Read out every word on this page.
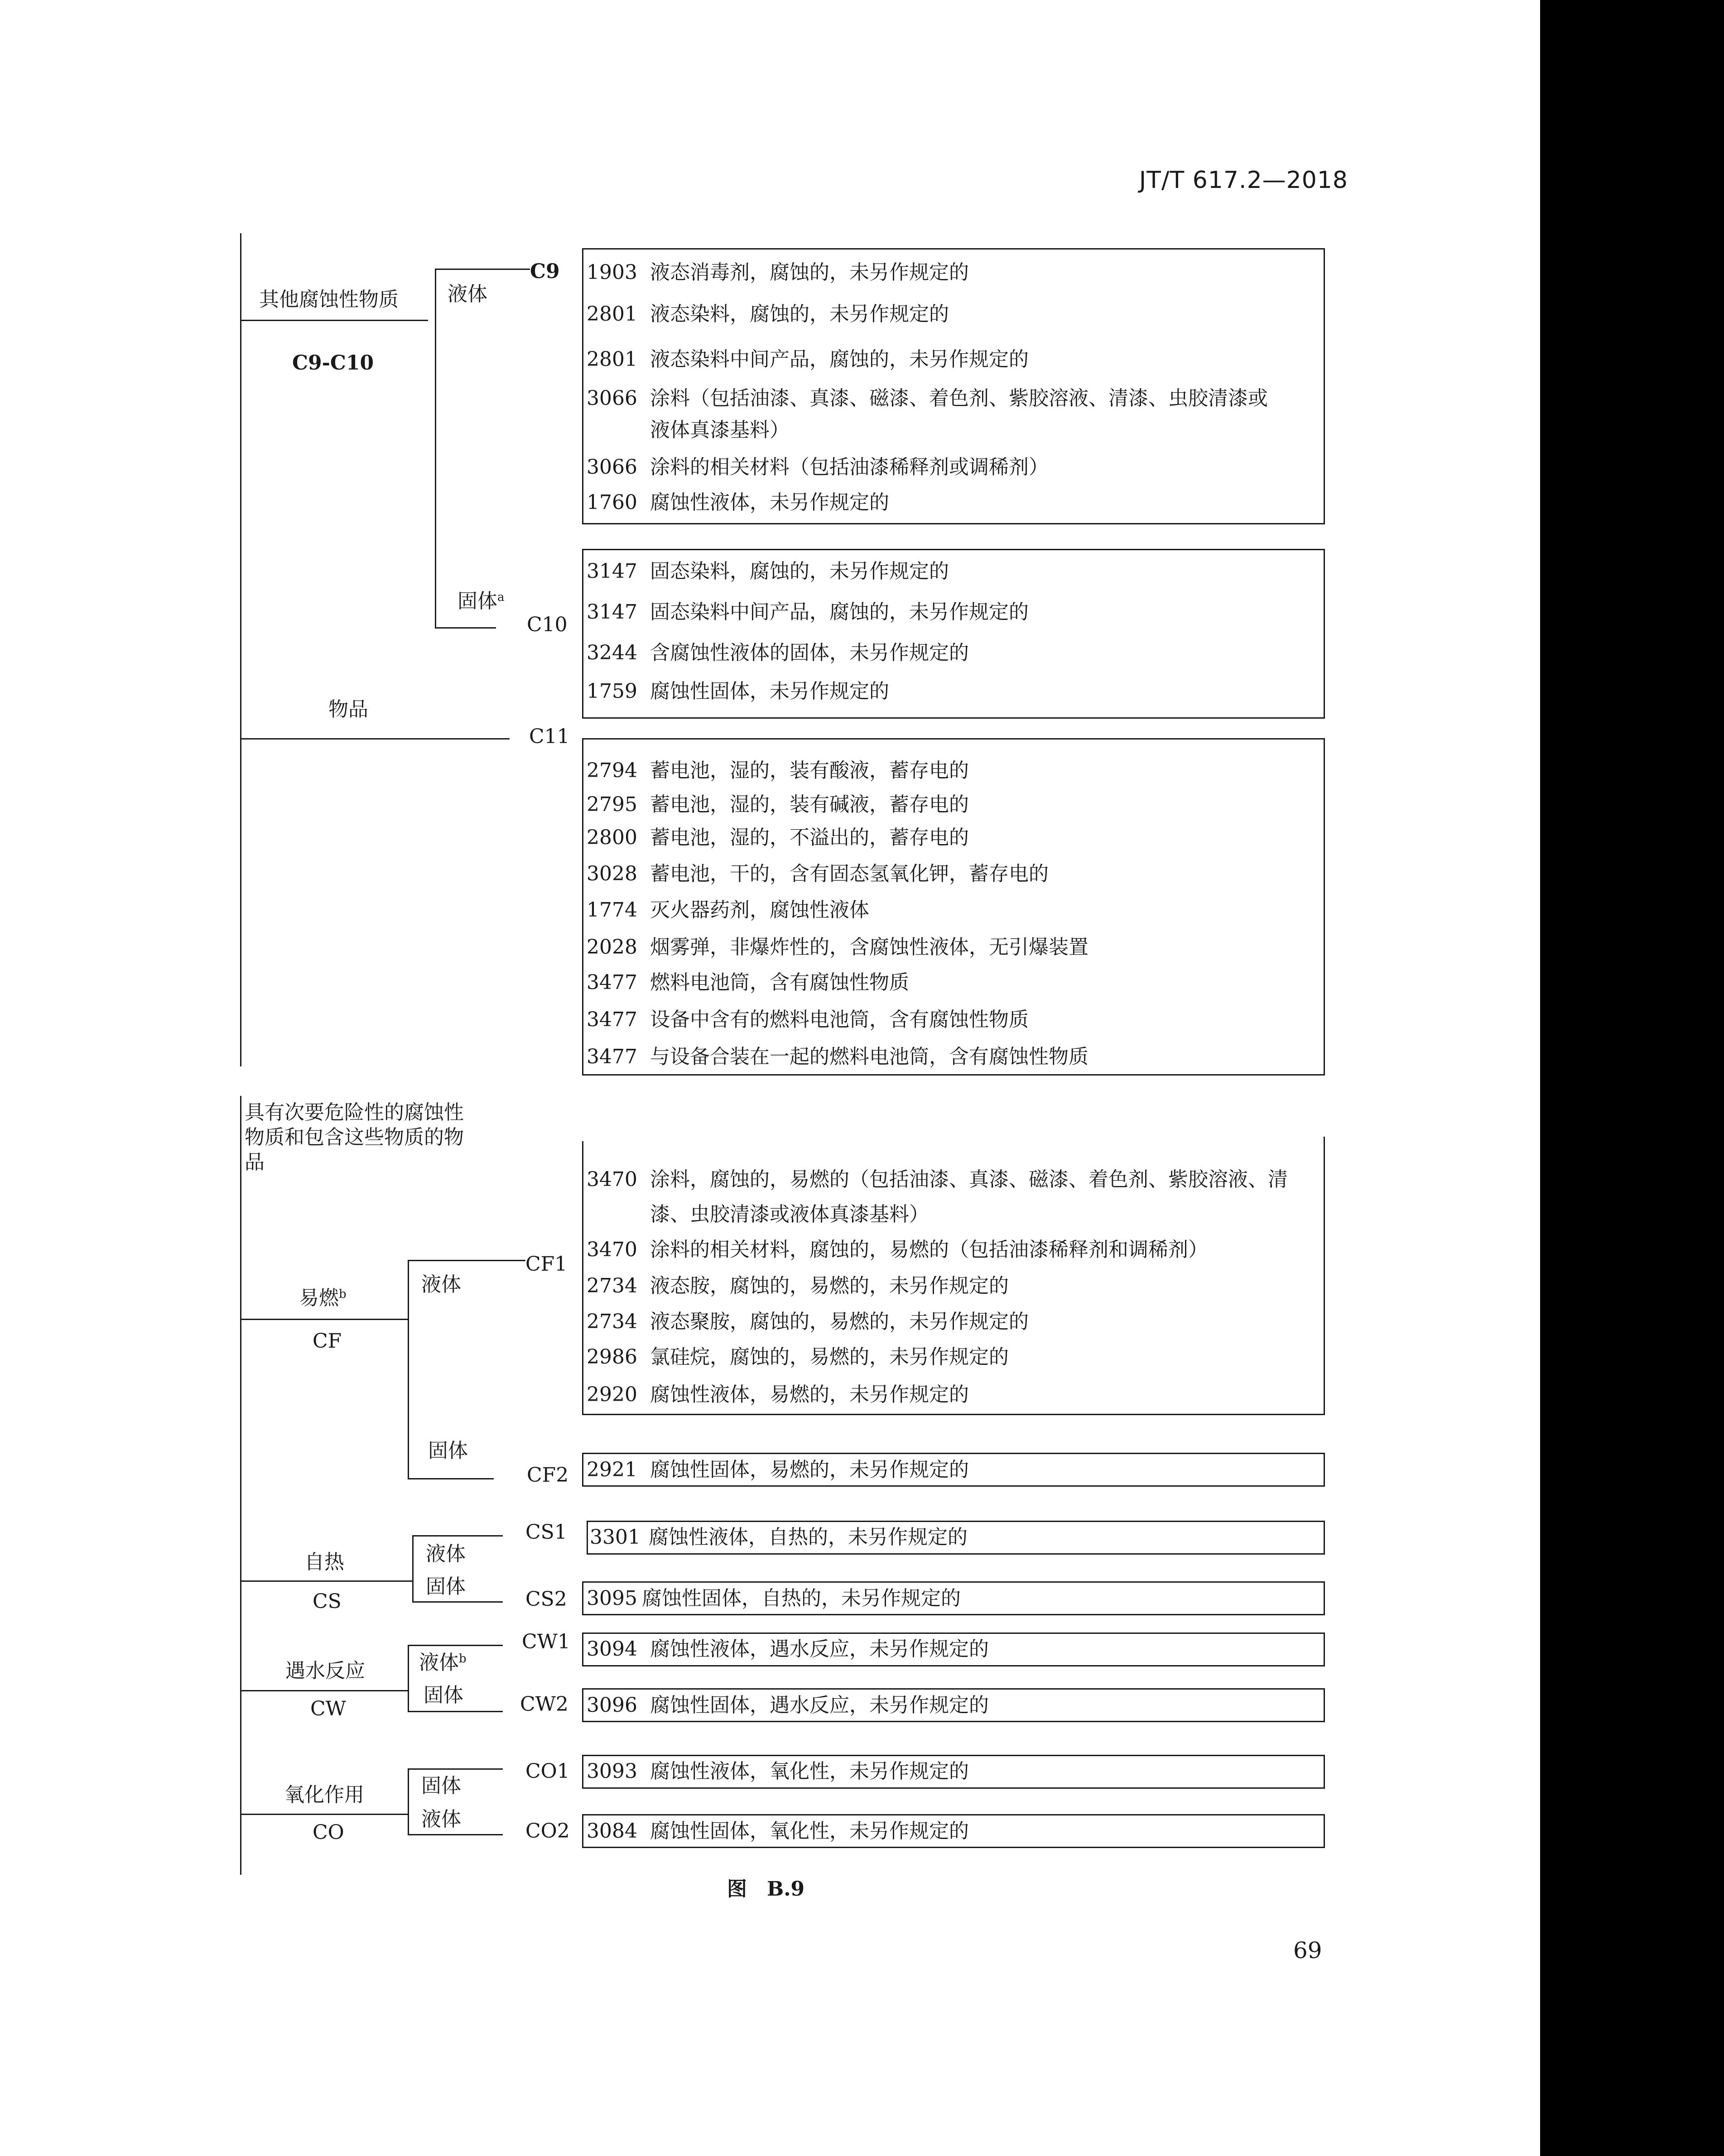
JT/T 617.2—2018
其他腐蚀性物质
C9-C10
液体
固体$^a$
C9
C10
1903 液态消毒剂，腐蚀的，未另作规定的
2801 液态染料，腐蚀的，未另作规定的
2801 液态染料中间产品，腐蚀的，未另作规定的
3066 涂料（包括油漆、真漆、磁漆、着色剂、紫胶溶液、清漆、虫胶清漆或
液体真漆基料）
3066 涂料的相关材料（包括油漆稀释剂或调稀剂）
1760 腐蚀性液体，未另作规定的
3147 固态染料，腐蚀的，未另作规定的
3147 固态染料中间产品，腐蚀的，未另作规定的
3244 含腐蚀性液体的固体，未另作规定的
1759 腐蚀性固体，未另作规定的
物品
C11
2794 蓄电池，湿的，装有酸液，蓄存电的
2795 蓄电池，湿的，装有碱液，蓄存电的
2800 蓄电池，湿的，不溢出的，蓄存电的
3028 蓄电池，干的，含有固态氢氧化钾，蓄存电的
1774 灭火器药剂，腐蚀性液体
2028 烟雾弹，非爆炸性的，含腐蚀性液体，无引爆装置
3477 燃料电池筒，含有腐蚀性物质
3477 设备中含有的燃料电池筒，含有腐蚀性物质
3477 与设备合装在一起的燃料电池筒，含有腐蚀性物质
具有次要危险性的腐蚀性
物质和包含这些物质的物
品
易燃$^b$
CF
液体
固体
CF1
CF2
3470 涂料，腐蚀的，易燃的（包括油漆、真漆、磁漆、着色剂、紫胶溶液、清
漆、虫胶清漆或液体真漆基料）
3470 涂料的相关材料，腐蚀的，易燃的（包括油漆稀释剂和调稀剂）
2734 液态胺，腐蚀的，易燃的，未另作规定的
2734 液态聚胺，腐蚀的，易燃的，未另作规定的
2986 氯硅烷，腐蚀的，易燃的，未另作规定的
2920 腐蚀性液体，易燃的，未另作规定的
2921 腐蚀性固体，易燃的，未另作规定的
自热
CS
液体
固体
CS1
CS2
3301 腐蚀性液体，自热的，未另作规定的
3095 腐蚀性固体，自热的，未另作规定的
遇水反应
CW
液体$^b$
固体
CW1
CW2
3094 腐蚀性液体，遇水反应，未另作规定的
3096 腐蚀性固体，遇水反应，未另作规定的
氧化作用
CO
固体
液体
CO1
CO2
3093 腐蚀性液体，氧化性，未另作规定的
3084 腐蚀性固体，氧化性，未另作规定的
图　B.9
69
